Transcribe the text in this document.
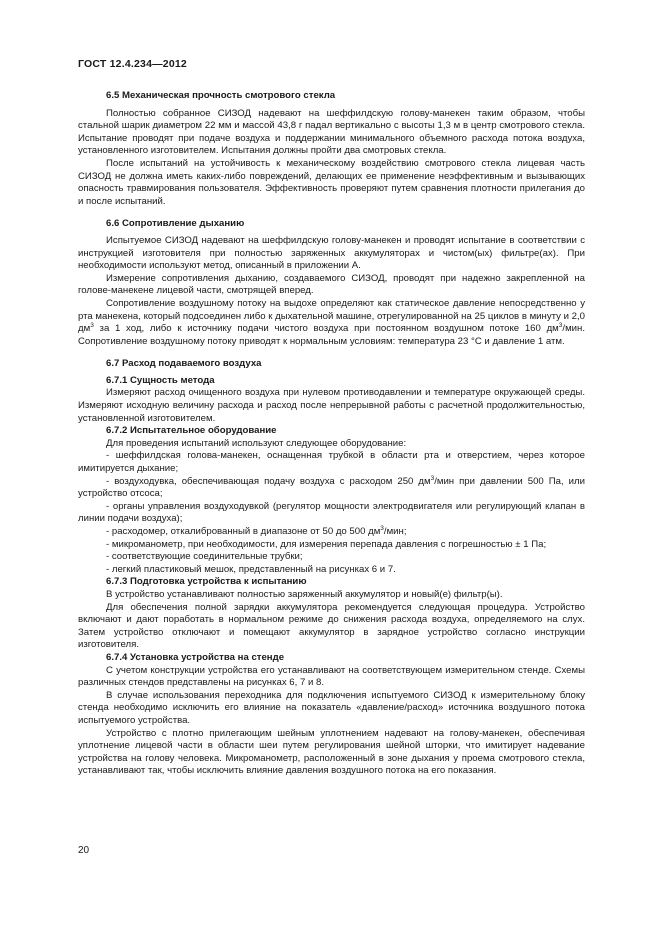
ГОСТ 12.4.234—2012
6.5 Механическая прочность смотрового стекла

Полностью собранное СИЗОД надевают на шеффилдскую голову-манекен таким образом, чтобы стальной шарик диаметром 22 мм и массой 43,8 г падал вертикально с высоты 1,3 м в центр смотрового стекла. Испытание проводят при подаче воздуха и поддержании минимального объемного расхода потока воздуха, установленного изготовителем. Испытания должны пройти два смотровых стекла.

После испытаний на устойчивость к механическому воздействию смотрового стекла лицевая часть СИЗОД не должна иметь каких-либо повреждений, делающих ее применение неэффективным и вызывающих опасность травмирования пользователя. Эффективность проверяют путем сравнения плотности прилегания до и после испытаний.

6.6 Сопротивление дыханию

Испытуемое СИЗОД надевают на шеффилдскую голову-манекен и проводят испытание в соответствии с инструкцией изготовителя при полностью заряженных аккумуляторах и чистом(ых) фильтре(ах). При необходимости используют метод, описанный в приложении А.

Измерение сопротивления дыханию, создаваемого СИЗОД, проводят при надежно закрепленной на голове-манекене лицевой части, смотрящей вперед.

Сопротивление воздушному потоку на выдохе определяют как статическое давление непосредственно у рта манекена, который подсоединен либо к дыхательной машине, отрегулированной на 25 циклов в минуту и 2,0 $дм^3$ за 1 ход, либо к источнику подачи чистого воздуха при постоянном воздушном потоке 160 $дм^3$/мин. Сопротивление воздушному потоку приводят к нормальным условиям: температура 23 °С и давление 1 атм.

6.7 Расход подаваемого воздуха
6.7.1 Сущность метода

Измеряют расход очищенного воздуха при нулевом противодавлении и температуре окружающей среды. Измеряют исходную величину расхода и расход после непрерывной работы с расчетной продолжительностью, установленной изготовителем.

6.7.2 Испытательное оборудование

Для проведения испытаний используют следующее оборудование:

- шеффилдская голова-манекен, оснащенная трубкой в области рта и отверстием, через которое имитируется дыхание;
- воздуходувка, обеспечивающая подачу воздуха с расходом 250 $дм^3$/мин при давлении 500 Па, или устройство отсоса;
- органы управления воздуходувкой (регулятор мощности электродвигателя или регулирующий клапан в линии подачи воздуха);
- расходомер, откалиброванный в диапазоне от 50 до 500 $дм^3$/мин;
- микроманометр, при необходимости, для измерения перепада давления с погрешностью ± 1 Па;
- соответствующие соединительные трубки;
- легкий пластиковый мешок, представленный на рисунках 6 и 7.
6.7.3 Подготовка устройства к испытанию

В устройство устанавливают полностью заряженный аккумулятор и новый(е) фильтр(ы).

Для обеспечения полной зарядки аккумулятора рекомендуется следующая процедура. Устройство включают и дают поработать в нормальном режиме до снижения расхода воздуха, определяемого на слух. Затем устройство отключают и помещают аккумулятор в зарядное устройство согласно инструкции изготовителя.

6.7.4 Установка устройства на стенде

С учетом конструкции устройства его устанавливают на соответствующем измерительном стенде. Схемы различных стендов представлены на рисунках 6, 7 и 8.

В случае использования переходника для подключения испытуемого СИЗОД к измерительному блоку стенда необходимо исключить его влияние на показатель «давление/расход» источника воздушного потока испытуемого устройства.

Устройство с плотно прилегающим шейным уплотнением надевают на голову-манекен, обеспечивая уплотнение лицевой части в области шеи путем регулирования шейной шторки, что имитирует надевание устройства на голову человека. Микроманометр, расположенный в зоне дыхания у проема смотрового стекла, устанавливают так, чтобы исключить влияние давления воздушного потока на его показания.

20
